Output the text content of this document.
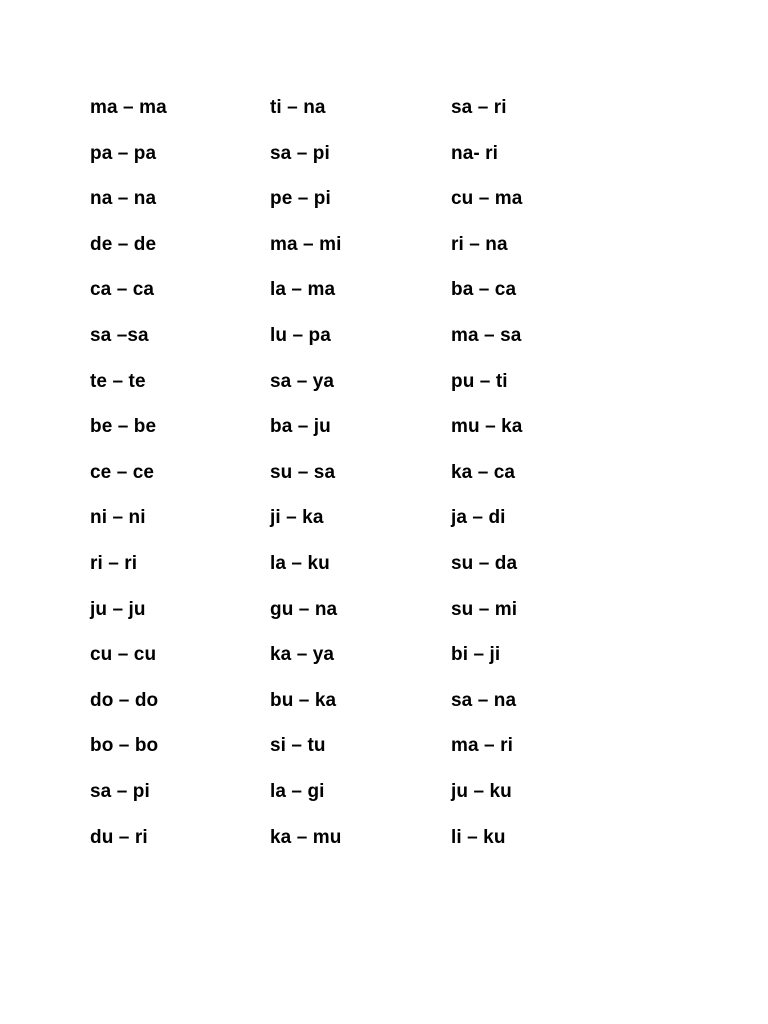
ma – ma
pa – pa
na – na
de – de
ca – ca
sa –sa
te – te
be – be
ce – ce
ni – ni
ri – ri
ju – ju
cu – cu
do – do
bo – bo
sa – pi
du – ri
ti – na
sa – pi
pe – pi
ma – mi
la – ma
lu – pa
sa – ya
ba – ju
su – sa
ji – ka
la – ku
gu – na
ka – ya
bu – ka
si – tu
la – gi
ka – mu
sa – ri
na- ri
cu – ma
ri – na
ba – ca
ma – sa
pu – ti
mu – ka
ka – ca
ja – di
su – da
su – mi
bi – ji
sa – na
ma – ri
ju – ku
li – ku
